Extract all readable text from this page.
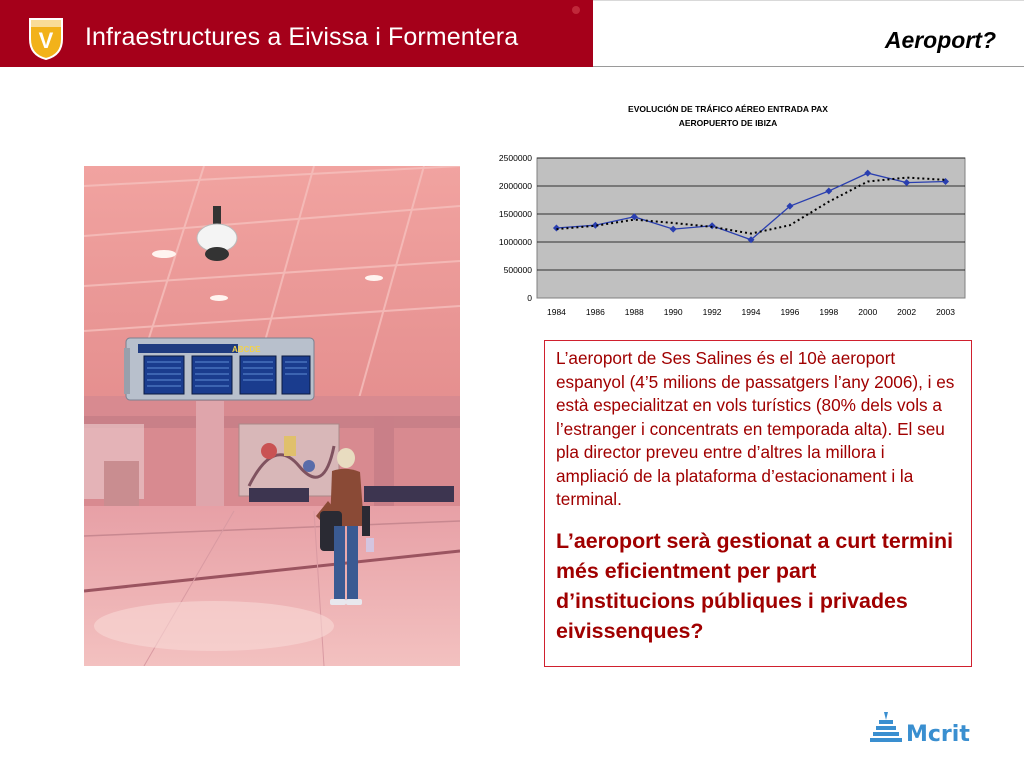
V Infraestructures a Eivissa i Formentera	Aeroport?
ABCDE
EVOLUCIÓN DE TRÁFICO AÉREO ENTRADA PAX
AEROPUERTO DE IBIZA
0
500000
1000000
1500000
2000000
2500000
1984 1986 1988 1990 1992 1994 1996 1998 2000 2002 2003

L’aeroport de Ses Salines és el 10è aeroport espanyol (4’5 milions de passatgers l’any 2006), i es està especialitzat en vols turístics (80% dels vols a l’estranger i concentrats en temporada alta). El seu pla director preveu entre d’altres la millora i ampliació de la plataforma d’estacionament i la terminal.

L’aeroport serà gestionat a curt termini més eficientment per part d’institucions públiques i privades eivissenques?

Mcrit
